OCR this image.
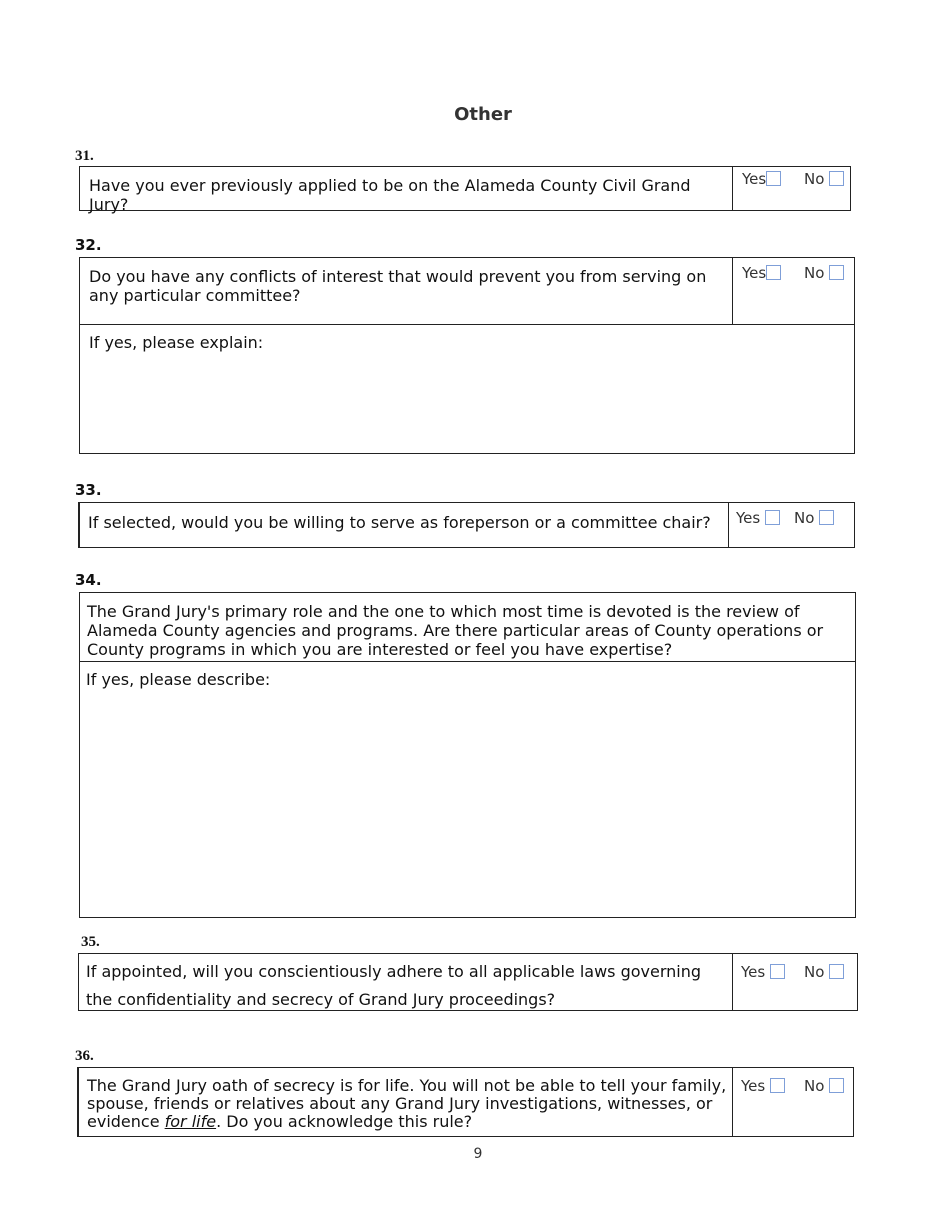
Other
31.
Have you ever previously applied to be on the Alameda County Civil Grand Jury?
Yes	No
32.
Do you have any conflicts of interest that would prevent you from serving on any particular committee?
Yes	No
If yes, please explain:
33.
If selected, would you be willing to serve as foreperson or a committee chair?	Yes	No
34.
The Grand Jury's primary role and the one to which most time is devoted is the review of Alameda County agencies and programs. Are there particular areas of County operations or County programs in which you are interested or feel you have expertise?
If yes, please describe:
35.
If appointed, will you conscientiously adhere to all applicable laws governing the confidentiality and secrecy of Grand Jury proceedings?
Yes	No
36.
The Grand Jury oath of secrecy is for life. You will not be able to tell your family, spouse, friends or relatives about any Grand Jury investigations, witnesses, or evidence for life. Do you acknowledge this rule?
Yes	No
9
